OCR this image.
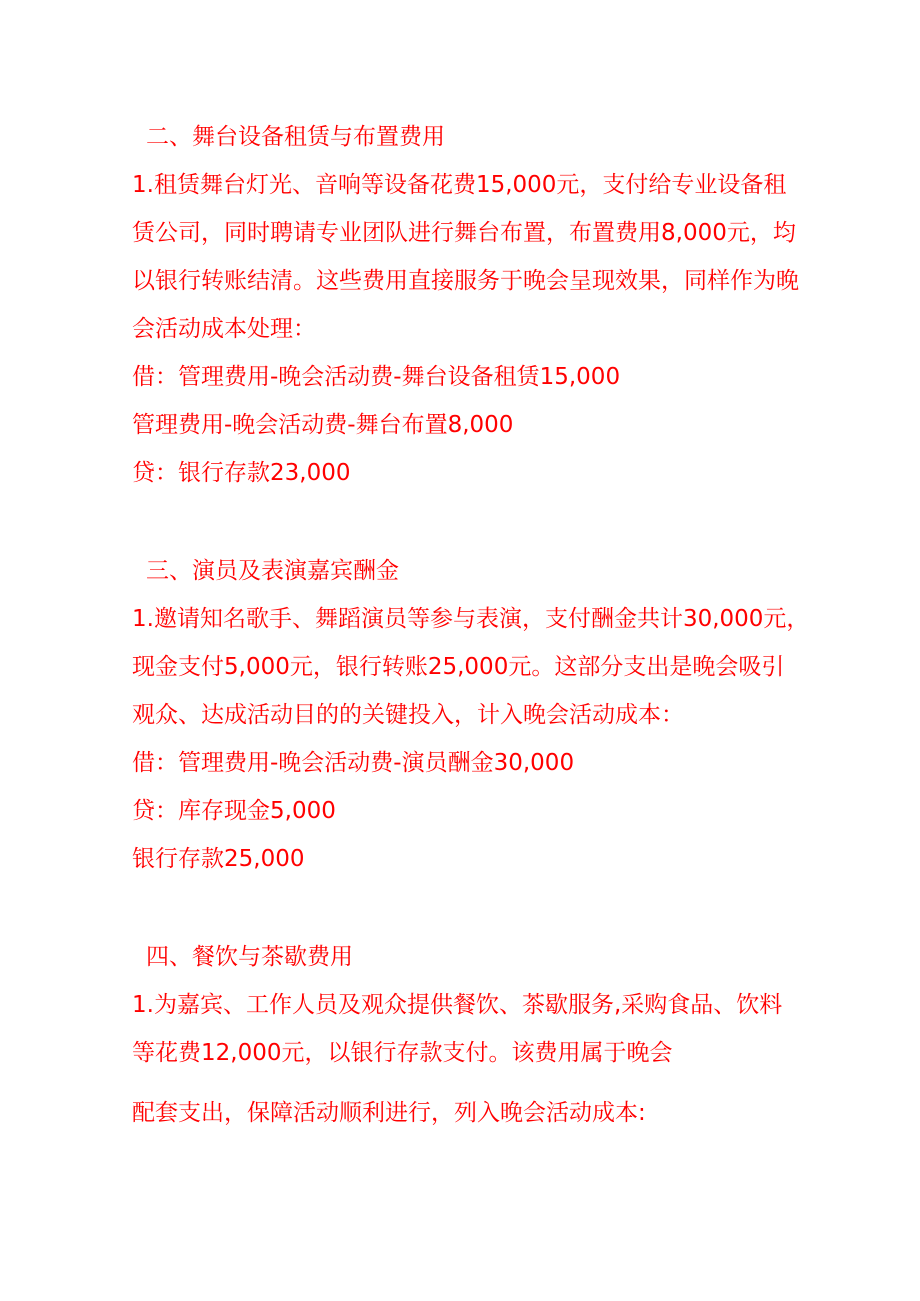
二、舞台设备租赁与布置费用

1.租赁舞台灯光、音响等设备花费15,000元，支付给专业设备租

赁公司，同时聘请专业团队进行舞台布置，布置费用8,000元，均

以银行转账结清。这些费用直接服务于晚会呈现效果，同样作为晚

会活动成本处理：

借：管理费用-晚会活动费-舞台设备租赁15,000

管理费用-晚会活动费-舞台布置8,000

贷：银行存款23,000

三、演员及表演嘉宾酬金

1.邀请知名歌手、舞蹈演员等参与表演，支付酬金共计30,000元，

现金支付5,000元，银行转账25,000元。这部分支出是晚会吸引

观众、达成活动目的的关键投入，计入晚会活动成本：

借：管理费用-晚会活动费-演员酬金30,000

贷：库存现金5,000

银行存款25,000

四、餐饮与茶歇费用

1.为嘉宾、工作人员及观众提供餐饮、茶歇服务,采购食品、饮料

等花费12,000元，以银行存款支付。该费用属于晚会

配套支出，保障活动顺利进行，列入晚会活动成本:
